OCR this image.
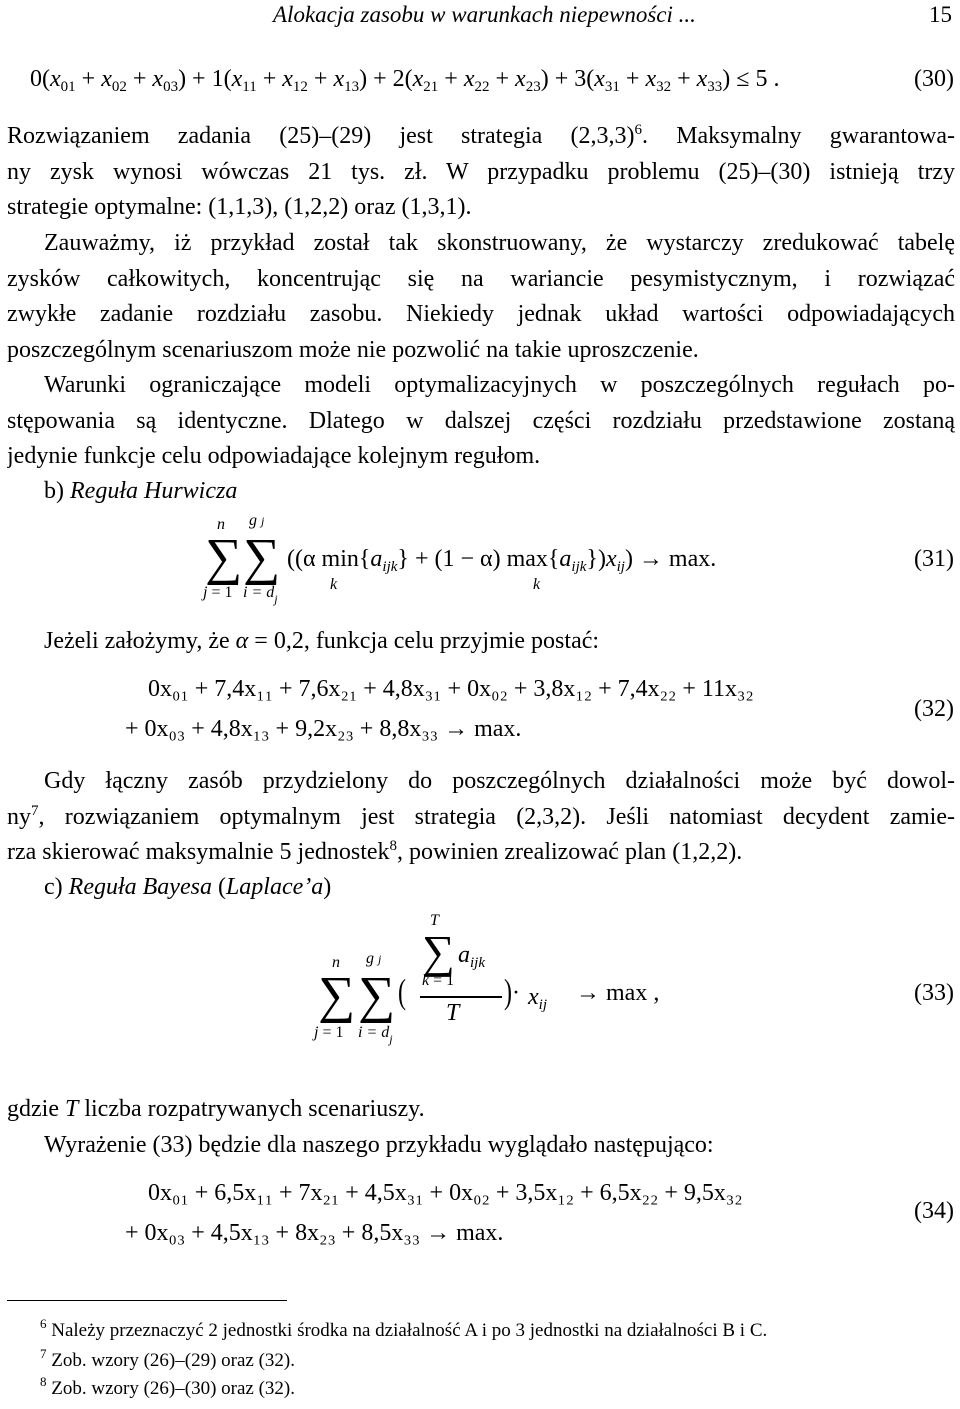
Alokacja zasobu w warunkach niepewności ...	15
$0(x_{01} + x_{02} + x_{03}) + 1(x_{11} + x_{12} + x_{13}) + 2(x_{21} + x_{22} + x_{23}) + 3(x_{31} + x_{32} + x_{33}) \le 5$ .	(30)
Rozwiązaniem zadania (25)–(29) jest strategia $(2,3,3)^6$. Maksymalny gwarantowa-
ny zysk wynosi wówczas 21 tys. zł. W przypadku problemu (25)–(30) istnieją trzy
strategie optymalne: (1,1,3), (1,2,2) oraz (1,3,1).
Zauważmy, iż przykład został tak skonstruowany, że wystarczy zredukować tabelę
zysków całkowitych, koncentrując się na wariancie pesymistycznym, i rozwiązać
zwykłe zadanie rozdziału zasobu. Niekiedy jednak układ wartości odpowiadających
poszczególnym scenariuszom może nie pozwolić na takie uproszczenie.
Warunki ograniczające modeli optymalizacyjnych w poszczególnych regułach po-
stępowania są identyczne. Dlatego w dalszej części rozdziału przedstawione zostaną
jedynie funkcje celu odpowiadające kolejnym regułom.
b) Reguła Hurwicza
n
∑
j = 1
g j
∑
$i = d_j$
((α $\min\{a_{ijk}\} + (1 - \alpha) \max\{a_{ijk}\})x_{ij}) \to \max$.
k	k
(31)
Jeżeli założymy, że α = 0,2, funkcja celu przyjmie postać:
0x₀₁ + 7,4x₁₁ + 7,6x₂₁ + 4,8x₃₁ + 0x₀₂ + 3,8x₁₂ + 7,4x₂₂ + 11x₃₂
+ 0x₀₃ + 4,8x₁₃ + 9,2x₂₃ + 8,8x₃₃ → max.
(32)
Gdy łączny zasób przydzielony do poszczególnych działalności może być dowol-
$ny^7$, rozwiązaniem optymalnym jest strategia (2,3,2). Jeśli natomiast decydent zamie-
rza skierować maksymalnie 5 jednostek$^8$, powinien zrealizować plan (1,2,2).
c) Reguła Bayesa (Laplace’a)
n
∑
j = 1
g j
∑
$i = d_j$
(
T
∑
k = 1
$a_{ijk}$
T
) · $x_{ij} \to \max$ ,	(33)
gdzie T liczba rozpatrywanych scenariuszy.
Wyrażenie (33) będzie dla naszego przykładu wyglądało następująco:
0x₀₁ + 6,5x₁₁ + 7x₂₁ + 4,5x₃₁ + 0x₀₂ + 3,5x₁₂ + 6,5x₂₂ + 9,5x₃₂
+ 0x₀₃ + 4,5x₁₃ + 8x₂₃ + 8,5x₃₃ → max.
(34)
$^6$ Należy przeznaczyć 2 jednostki środka na działalność A i po 3 jednostki na działalności B i C.
$^7$ Zob. wzory (26)–(29) oraz (32).
$^8$ Zob. wzory (26)–(30) oraz (32).
